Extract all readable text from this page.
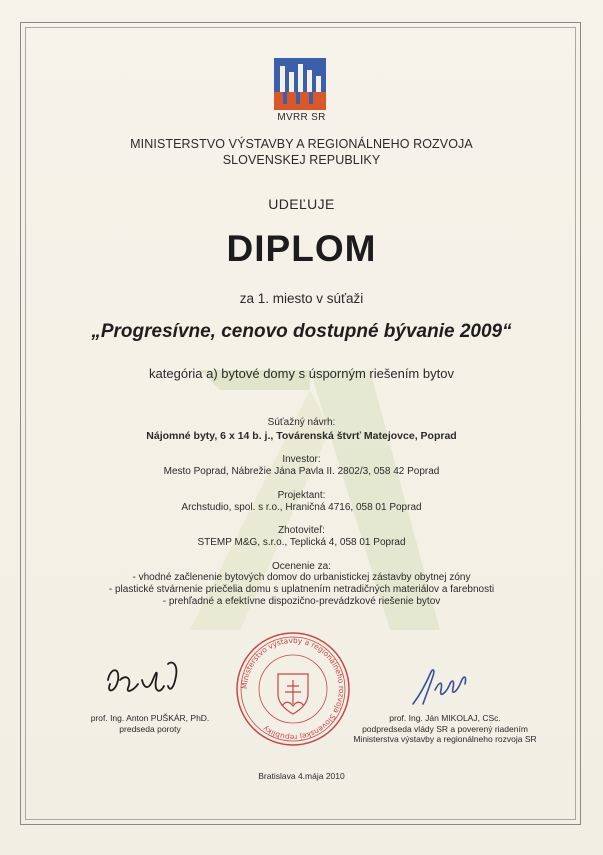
MVRR SR
MINISTERSTVO VÝSTAVBY A REGIONÁLNEHO ROZVOJA
SLOVENSKEJ REPUBLIKY
UDEĽUJE
DIPLOM
za 1. miesto v súťaži
„Progresívne, cenovo dostupné bývanie 2009“
kategória a) bytové domy s úsporným riešením bytov
Súťažný návrh:
Nájomné byty, 6 x 14 b. j., Továrenská štvrť Matejovce, Poprad
Investor:
Mesto Poprad, Nábrežie Jána Pavla II. 2802/3, 058 42 Poprad
Projektant:
Archstudio, spol. s r.o., Hraničná 4716, 058 01 Poprad
Zhotoviteľ:
STEMP M&G, s.r.o., Teplická 4, 058 01 Poprad
Ocenenie za:
- vhodné začlenenie bytových domov do urbanistickej zástavby obytnej zóny
- plastické stvárnenie priečelia domu s uplatnením netradičných materiálov a farebnosti
- prehľadné a efektívne dispozično-prevádzkové riešenie bytov
Ministerstvo výstavby a regionálneho rozvoja Slovenskej republiky
prof. Ing. Anton PUŠKÁR, PhD.
predseda poroty
prof. Ing. Ján MIKOLAJ, CSc.
podpredseda vlády SR a poverený riadením
Ministerstva výstavby a regionálneho rozvoja SR
Bratislava 4.mája 2010
